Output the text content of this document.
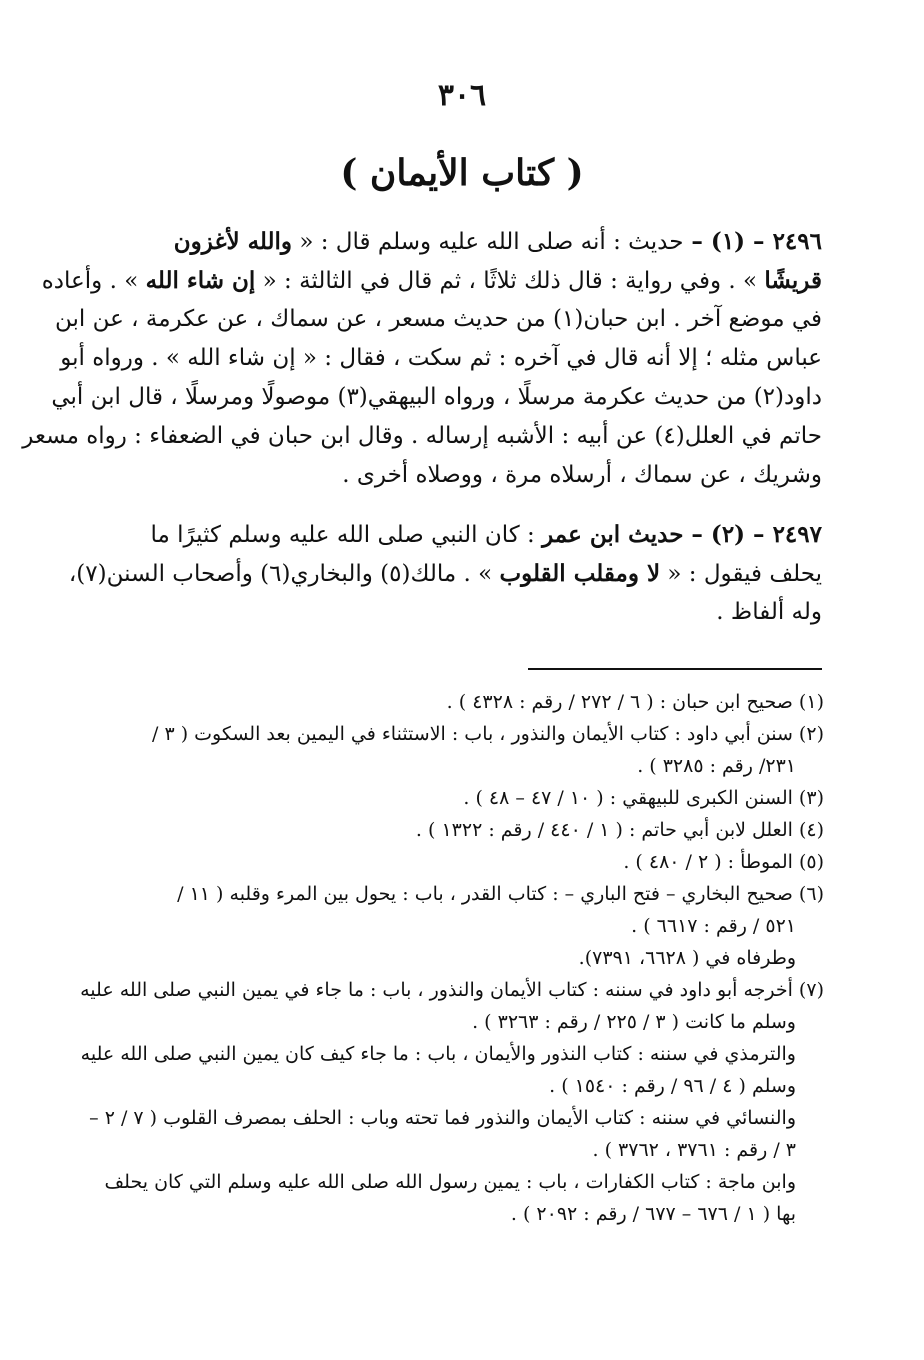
٣٠٦
( كتاب الأيمان )
٢٤٩٦ – (١) – حديث : أنه صلى الله عليه وسلم قال : « والله لأغزون
قريشًا » . وفي رواية : قال ذلك ثلاثًا ، ثم قال في الثالثة : « إن شاء الله » . وأعاده
في موضع آخر . ابن حبان(١) من حديث مسعر ، عن سماك ، عن عكرمة ، عن ابن
عباس مثله ؛ إلا أنه قال في آخره : ثم سكت ، فقال : « إن شاء الله » . ورواه أبو
داود(٢) من حديث عكرمة مرسلًا ، ورواه البيهقي(٣) موصولًا ومرسلًا ، قال ابن أبي
حاتم في العلل(٤) عن أبيه : الأشبه إرساله . وقال ابن حبان في الضعفاء : رواه مسعر
وشريك ، عن سماك ، أرسلاه مرة ، ووصلاه أخرى .
٢٤٩٧ – (٢) – حديث ابن عمر : كان النبي صلى الله عليه وسلم كثيرًا ما
يحلف فيقول : « لا ومقلب القلوب » . مالك(٥) والبخاري(٦) وأصحاب السنن(٧)،
وله ألفاظ .
(١) صحيح ابن حبان : ( ٦ / ٢٧٢ / رقم : ٤٣٢٨ ) .
(٢) سنن أبي داود : كتاب الأيمان والنذور ، باب : الاستثناء في اليمين بعد السكوت ( ٣ /
٢٣١/ رقم : ٣٢٨٥ ) .
(٣) السنن الكبرى للبيهقي : ( ١٠ / ٤٧ – ٤٨ ) .
(٤) العلل لابن أبي حاتم : ( ١ / ٤٤٠ / رقم : ١٣٢٢ ) .
(٥) الموطأ : ( ٢ / ٤٨٠ ) .
(٦) صحيح البخاري – فتح الباري – : كتاب القدر ، باب : يحول بين المرء وقلبه ( ١١ /
٥٢١ / رقم : ٦٦١٧ ) .
وطرفاه في ( ٦٦٢٨، ٧٣٩١).
(٧) أخرجه أبو داود في سننه : كتاب الأيمان والنذور ، باب : ما جاء في يمين النبي صلى الله عليه
وسلم ما كانت ( ٣ / ٢٢٥ / رقم : ٣٢٦٣ ) .
والترمذي في سننه : كتاب النذور والأيمان ، باب : ما جاء كيف كان يمين النبي صلى الله عليه
وسلم ( ٤ / ٩٦ / رقم : ١٥٤٠ ) .
والنسائي في سننه : كتاب الأيمان والنذور فما تحته وباب : الحلف بمصرف القلوب ( ٧ / ٢ –
٣ / رقم : ٣٧٦١ ، ٣٧٦٢ ) .
وابن ماجة : كتاب الكفارات ، باب : يمين رسول الله صلى الله عليه وسلم التي كان يحلف
بها ( ١ / ٦٧٦ – ٦٧٧ / رقم : ٢٠٩٢ ) .
